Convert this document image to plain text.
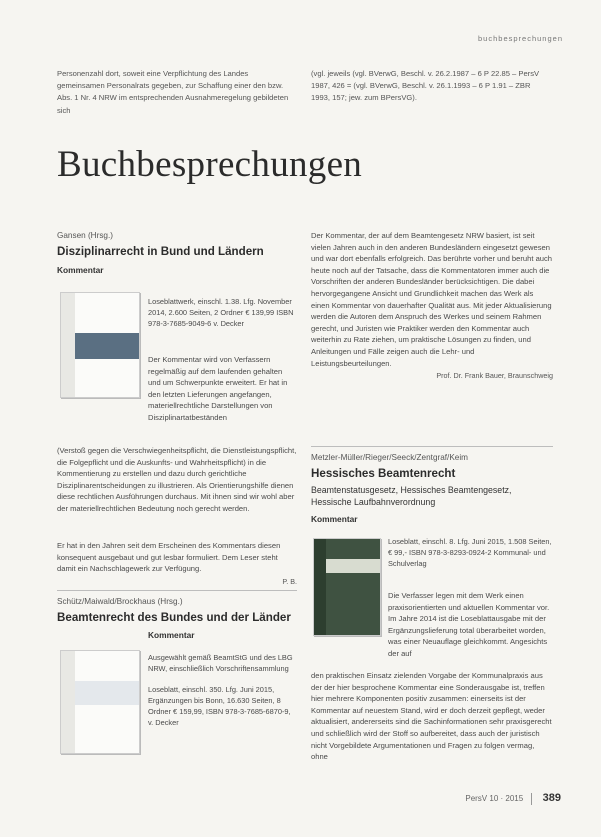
buchbesprechungen
Personenzahl dort, soweit eine Verpflichtung des Landes gemeinsamen Personalrats gegeben, zur Schaffung einer den bzw. Abs. 1 Nr. 4 NRW im entsprechenden Ausnahmeregelung gebildeten sich
(vgl. jeweils (vgl. BVerwG, Beschl. v. 26.2.1987 – 6 P 22.85 – PersV 1987, 426 = (vgl. BVerwG, Beschl. v. 26.1.1993 – 6 P 1.91 – ZBR 1993, 157; jew. zum BPersVG).
Buchbesprechungen
Gansen (Hrsg.)
Disziplinarrecht in Bund und Ländern
Kommentar
Loseblattwerk, einschl. 1.38. Lfg. November 2014, 2.600 Seiten, 2 Ordner € 139,99 ISBN 978-3-7685-9049-6 v. Decker
Der Kommentar wird von Verfassern regelmäßig auf dem laufenden gehalten und um Schwerpunkte erweitert. Er hat in den letzten Lieferungen angefangen, materiellrechtliche Darstellungen von Disziplinartatbeständen
(Verstoß gegen die Verschwiegenheitspflicht, die Dienstleistungspflicht, die Folgepflicht und die Auskunfts- und Wahrheitspflicht) in die Kommentierung zu erstellen und dazu durch gerichtliche Disziplinarentscheidungen zu illustrieren. Als Orientierungshilfe dienen diese rechtlichen Ausführungen durchaus. Mit ihnen sind wir wohl aber der materiellrechtlichen Bedeutung noch gerecht werden.
Er hat in den Jahren seit dem Erscheinen des Kommentars diesen konsequent ausgebaut und gut lesbar formuliert. Dem Leser steht damit ein Nachschlagewerk zur Verfügung.
P. B.
Schütz/Maiwald/Brockhaus (Hrsg.)
Beamtenrecht des Bundes und der Länder
Kommentar
Ausgewählt gemäß BeamtStG und des LBG NRW, einschließlich Vorschriftensammlung
Loseblatt, einschl. 350. Lfg. Juni 2015, Ergänzungen bis Bonn, 16.630 Seiten, 8 Ordner € 159,99, ISBN 978-3-7685-6870-9, v. Decker

Der Kommentar, der auf dem Beamtengesetz NRW basiert, ist seit vielen Jahren auch in den anderen Bundesländern eingesetzt gewesen und war dort ebenfalls erfolgreich. Das berührte vorher und beruht auch heute noch auf der Tatsache, dass die Kommentatoren immer auch die Vorschriften der anderen Bundesländer berücksichtigen. Die dabei hervorgegangene Ansicht und Grundlichkeit machen das Werk als einen Kommentar von dauerhafter Qualität aus. Mit jeder Aktualisierung werden die Autoren dem Anspruch des Werkes und seinem Rahmen gerecht, und Juristen wie Praktiker werden den Kommentar auch weiterhin zu Rate ziehen, um praktische Lösungen zu finden, und Anleitungen und Fälle zeigen auch die Lehr- und Leistungsbeurteilungen.

Prof. Dr. Frank Bauer, Braunschweig
Metzler-Müller/Rieger/Seeck/Zentgraf/Keim
Hessisches Beamtenrecht
Beamtenstatusgesetz, Hessisches Beamtengesetz, Hessische Laufbahnverordnung
Kommentar
Loseblatt, einschl. 8. Lfg. Juni 2015, 1.508 Seiten, € 99,- ISBN 978-3-8293-0924-2 Kommunal- und Schulverlag
Die Verfasser legen mit dem Werk einen praxisorientierten und aktuellen Kommentar vor. Im Jahre 2014 ist die Loseblattausgabe mit der Ergänzungslieferung total überarbeitet worden, was einer Neuauflage gleichkommt. Angesichts der auf
den praktischen Einsatz zielenden Vorgabe der Kommunalpraxis aus der der hier besprochene Kommentar eine Sonderausgabe ist, treffen hier mehrere Komponenten positiv zusammen: einerseits ist der Kommentar auf neuestem Stand, wird er doch derzeit gepflegt, weder aktualisiert, andererseits sind die Sachinformationen sehr praxisgerecht und schließlich wird der Stoff so aufbereitet, dass auch der juristisch nicht Vorgebildete Argumentationen und Fragen zu folgen vermag, ohne
PersV 10 · 2015 389
